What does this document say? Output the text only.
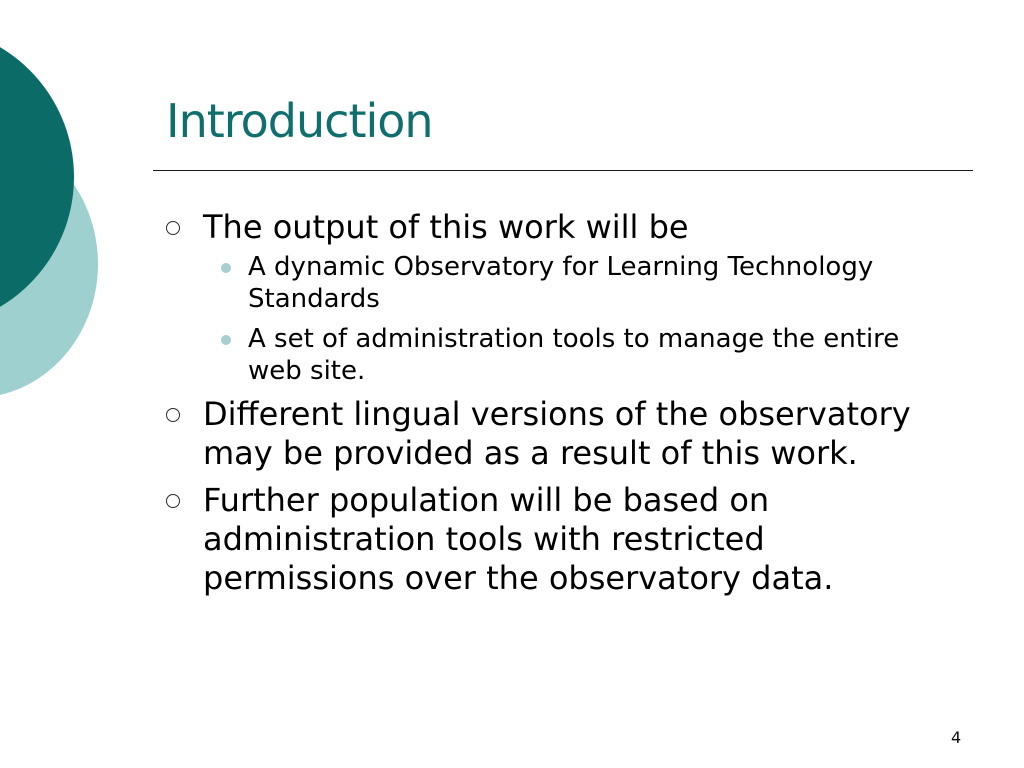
Introduction
The output of this work will be
A dynamic Observatory for Learning Technology Standards
A set of administration tools to manage the entire web site.
Different lingual versions of the observatory may be provided as a result of this work.
Further population will be based on administration tools with restricted permissions over the observatory data.
4
